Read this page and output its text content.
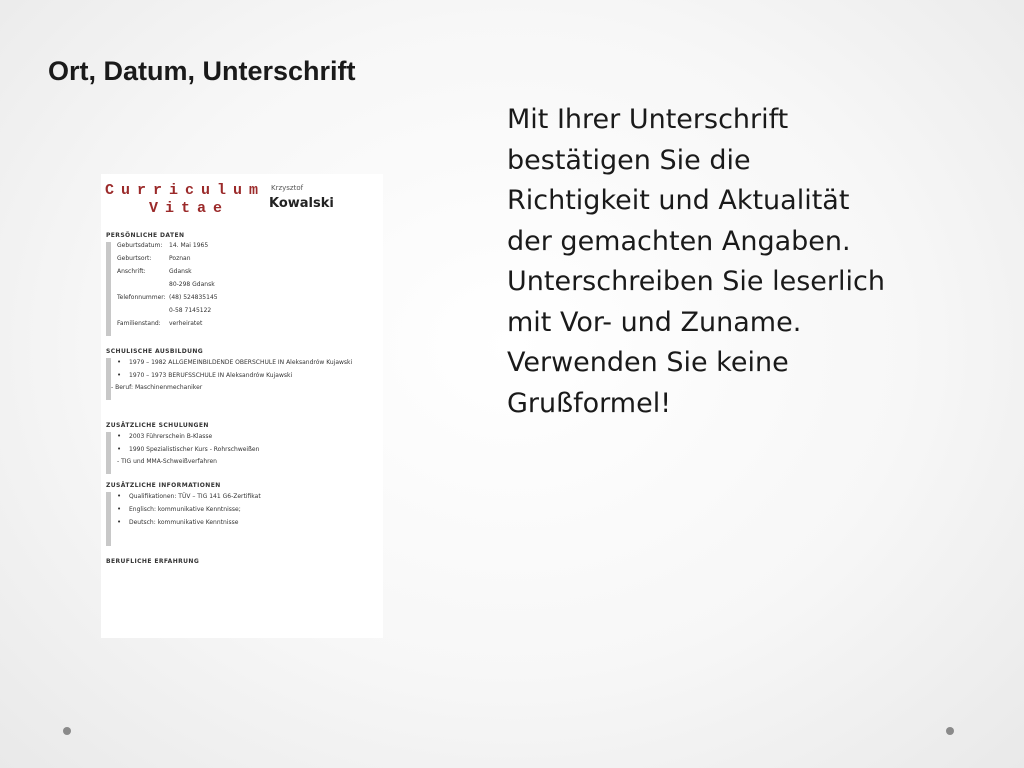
Ort, Datum, Unterschrift
Mit Ihrer Unterschrift
bestätigen Sie die
Richtigkeit und Aktualität
der gemachten Angaben.
Unterschreiben Sie leserlich
mit Vor- und Zuname.
Verwenden Sie keine
Grußformel!
Curriculum
Vitae
Krzysztof
Kowalski
PERSÖNLICHE DATEN
Geburtsdatum:	14. Mai 1965
Geburtsort:	Poznan
Anschrift:	Gdansk
80-298 Gdansk
Telefonnummer: (48) 524835145
0-58 7145122
Familienstand:	verheiratet
SCHULISCHE AUSBILDUNG
•	1979 – 1982 ALLGEMEINBILDENDE OBERSCHULE IN Aleksandrów Kujawski
•	1970 – 1973 BERUFSSCHULE IN Aleksandrów Kujawski
- Beruf: Maschinenmechaniker
ZUSÄTZLICHE SCHULUNGEN
•	2003 Führerschein B-Klasse
•	1990 Spezialistischer Kurs - Rohrschweißen
- TIG und MMA-Schweißverfahren
ZUSÄTZLICHE INFORMATIONEN
•	Qualifikationen: TÜV – TIG 141 G6-Zertifikat
•	Englisch: kommunikative Kenntnisse;
•	Deutsch: kommunikative Kenntnisse
BERUFLICHE ERFAHRUNG
